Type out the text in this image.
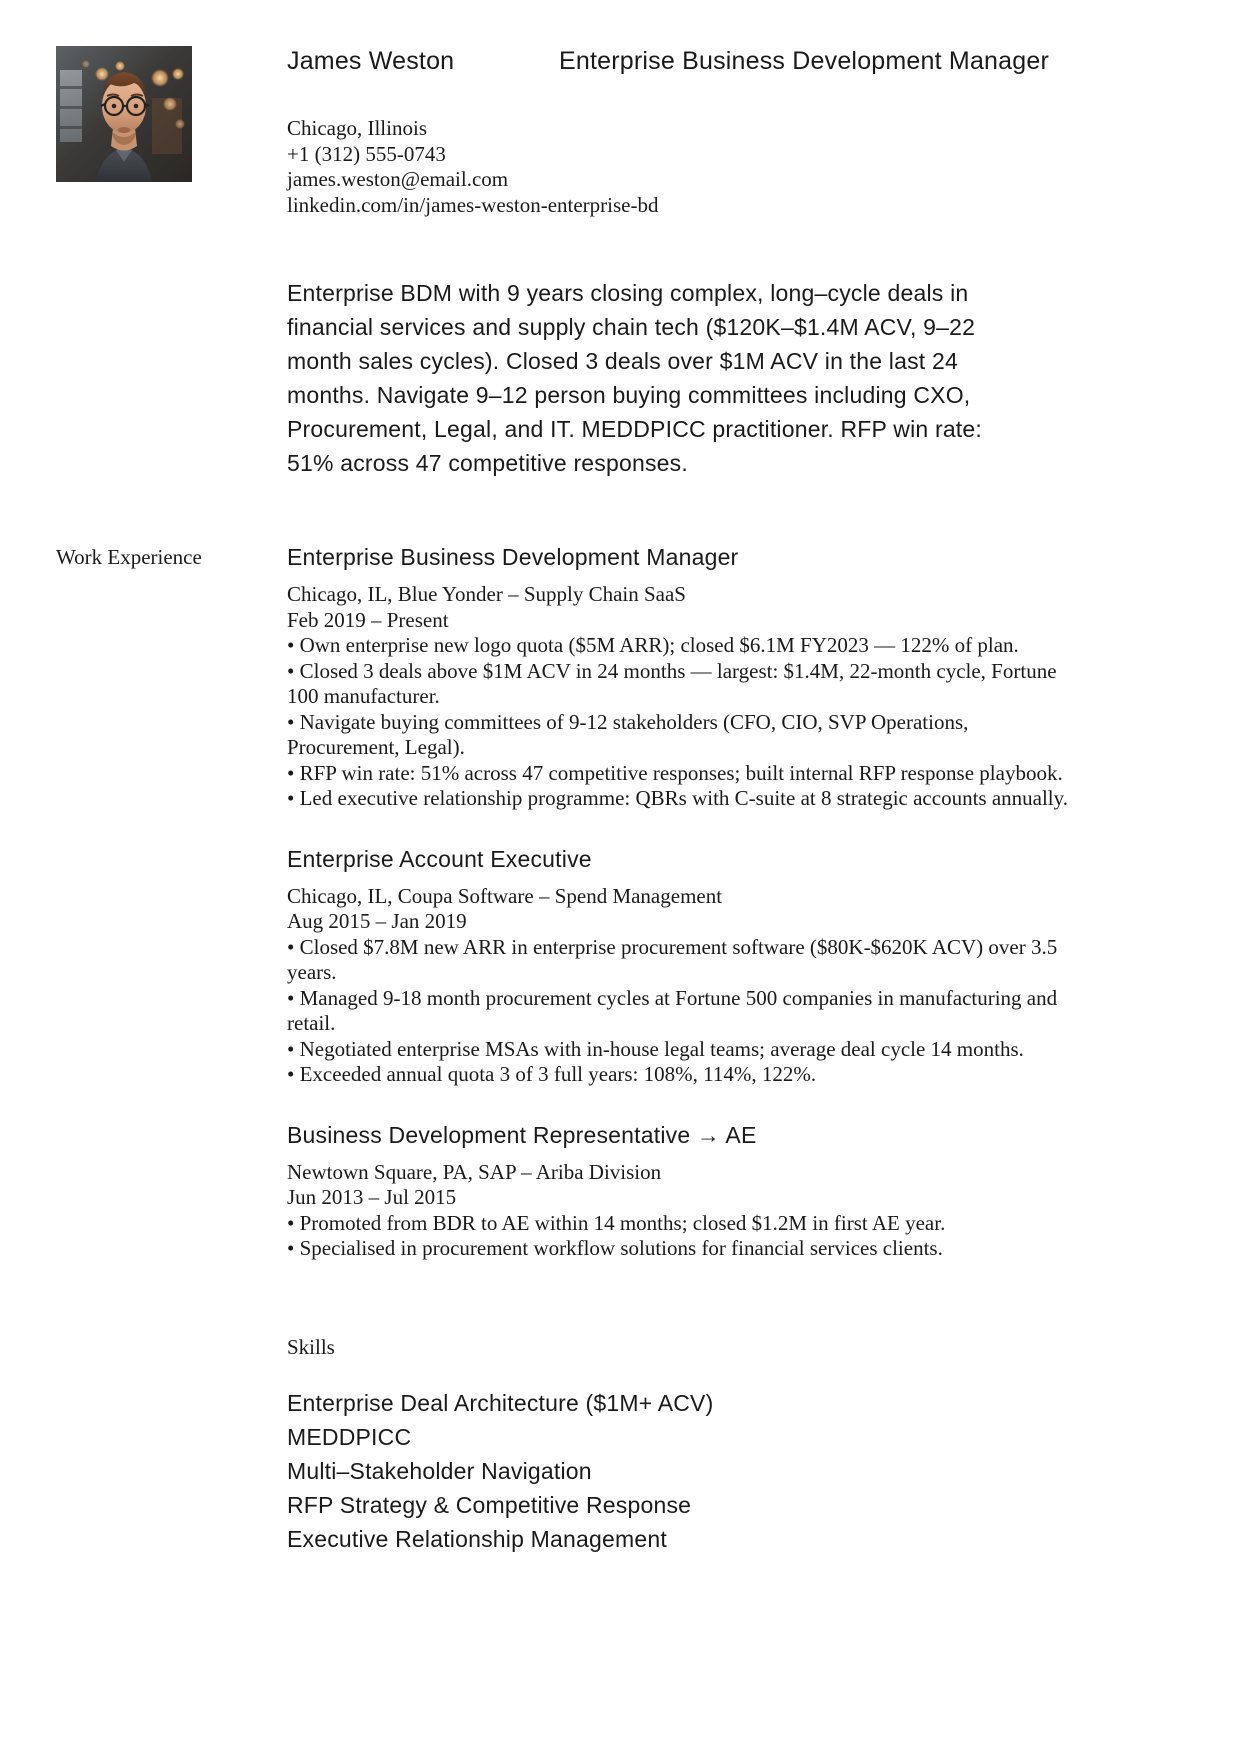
James Weston	Enterprise Business Development Manager
Chicago, Illinois
+1 (312) 555-0743
james.weston@email.com
linkedin.com/in/james-weston-enterprise-bd
Enterprise BDM with 9 years closing complex, long–cycle deals in financial services and supply chain tech ($120K–$1.4M ACV, 9–22 month sales cycles). Closed 3 deals over $1M ACV in the last 24 months. Navigate 9–12 person buying committees including CXO, Procurement, Legal, and IT. MEDDPICC practitioner. RFP win rate: 51% across 47 competitive responses.
Work Experience	Enterprise Business Development Manager
Chicago, IL, Blue Yonder – Supply Chain SaaS
Feb 2019 – Present
• Own enterprise new logo quota ($5M ARR); closed $6.1M FY2023 — 122% of plan.
• Closed 3 deals above $1M ACV in 24 months — largest: $1.4M, 22-month cycle, Fortune 100 manufacturer.
• Navigate buying committees of 9-12 stakeholders (CFO, CIO, SVP Operations, Procurement, Legal).
• RFP win rate: 51% across 47 competitive responses; built internal RFP response playbook.
• Led executive relationship programme: QBRs with C-suite at 8 strategic accounts annually.
Enterprise Account Executive
Chicago, IL, Coupa Software – Spend Management
Aug 2015 – Jan 2019
• Closed $7.8M new ARR in enterprise procurement software ($80K-$620K ACV) over 3.5 years.
• Managed 9-18 month procurement cycles at Fortune 500 companies in manufacturing and retail.
• Negotiated enterprise MSAs with in-house legal teams; average deal cycle 14 months.
• Exceeded annual quota 3 of 3 full years: 108%, 114%, 122%.
Business Development Representative → AE
Newtown Square, PA, SAP – Ariba Division
Jun 2013 – Jul 2015
• Promoted from BDR to AE within 14 months; closed $1.2M in first AE year.
• Specialised in procurement workflow solutions for financial services clients.
Skills
Enterprise Deal Architecture ($1M+ ACV)
MEDDPICC
Multi–Stakeholder Navigation
RFP Strategy & Competitive Response
Executive Relationship Management
